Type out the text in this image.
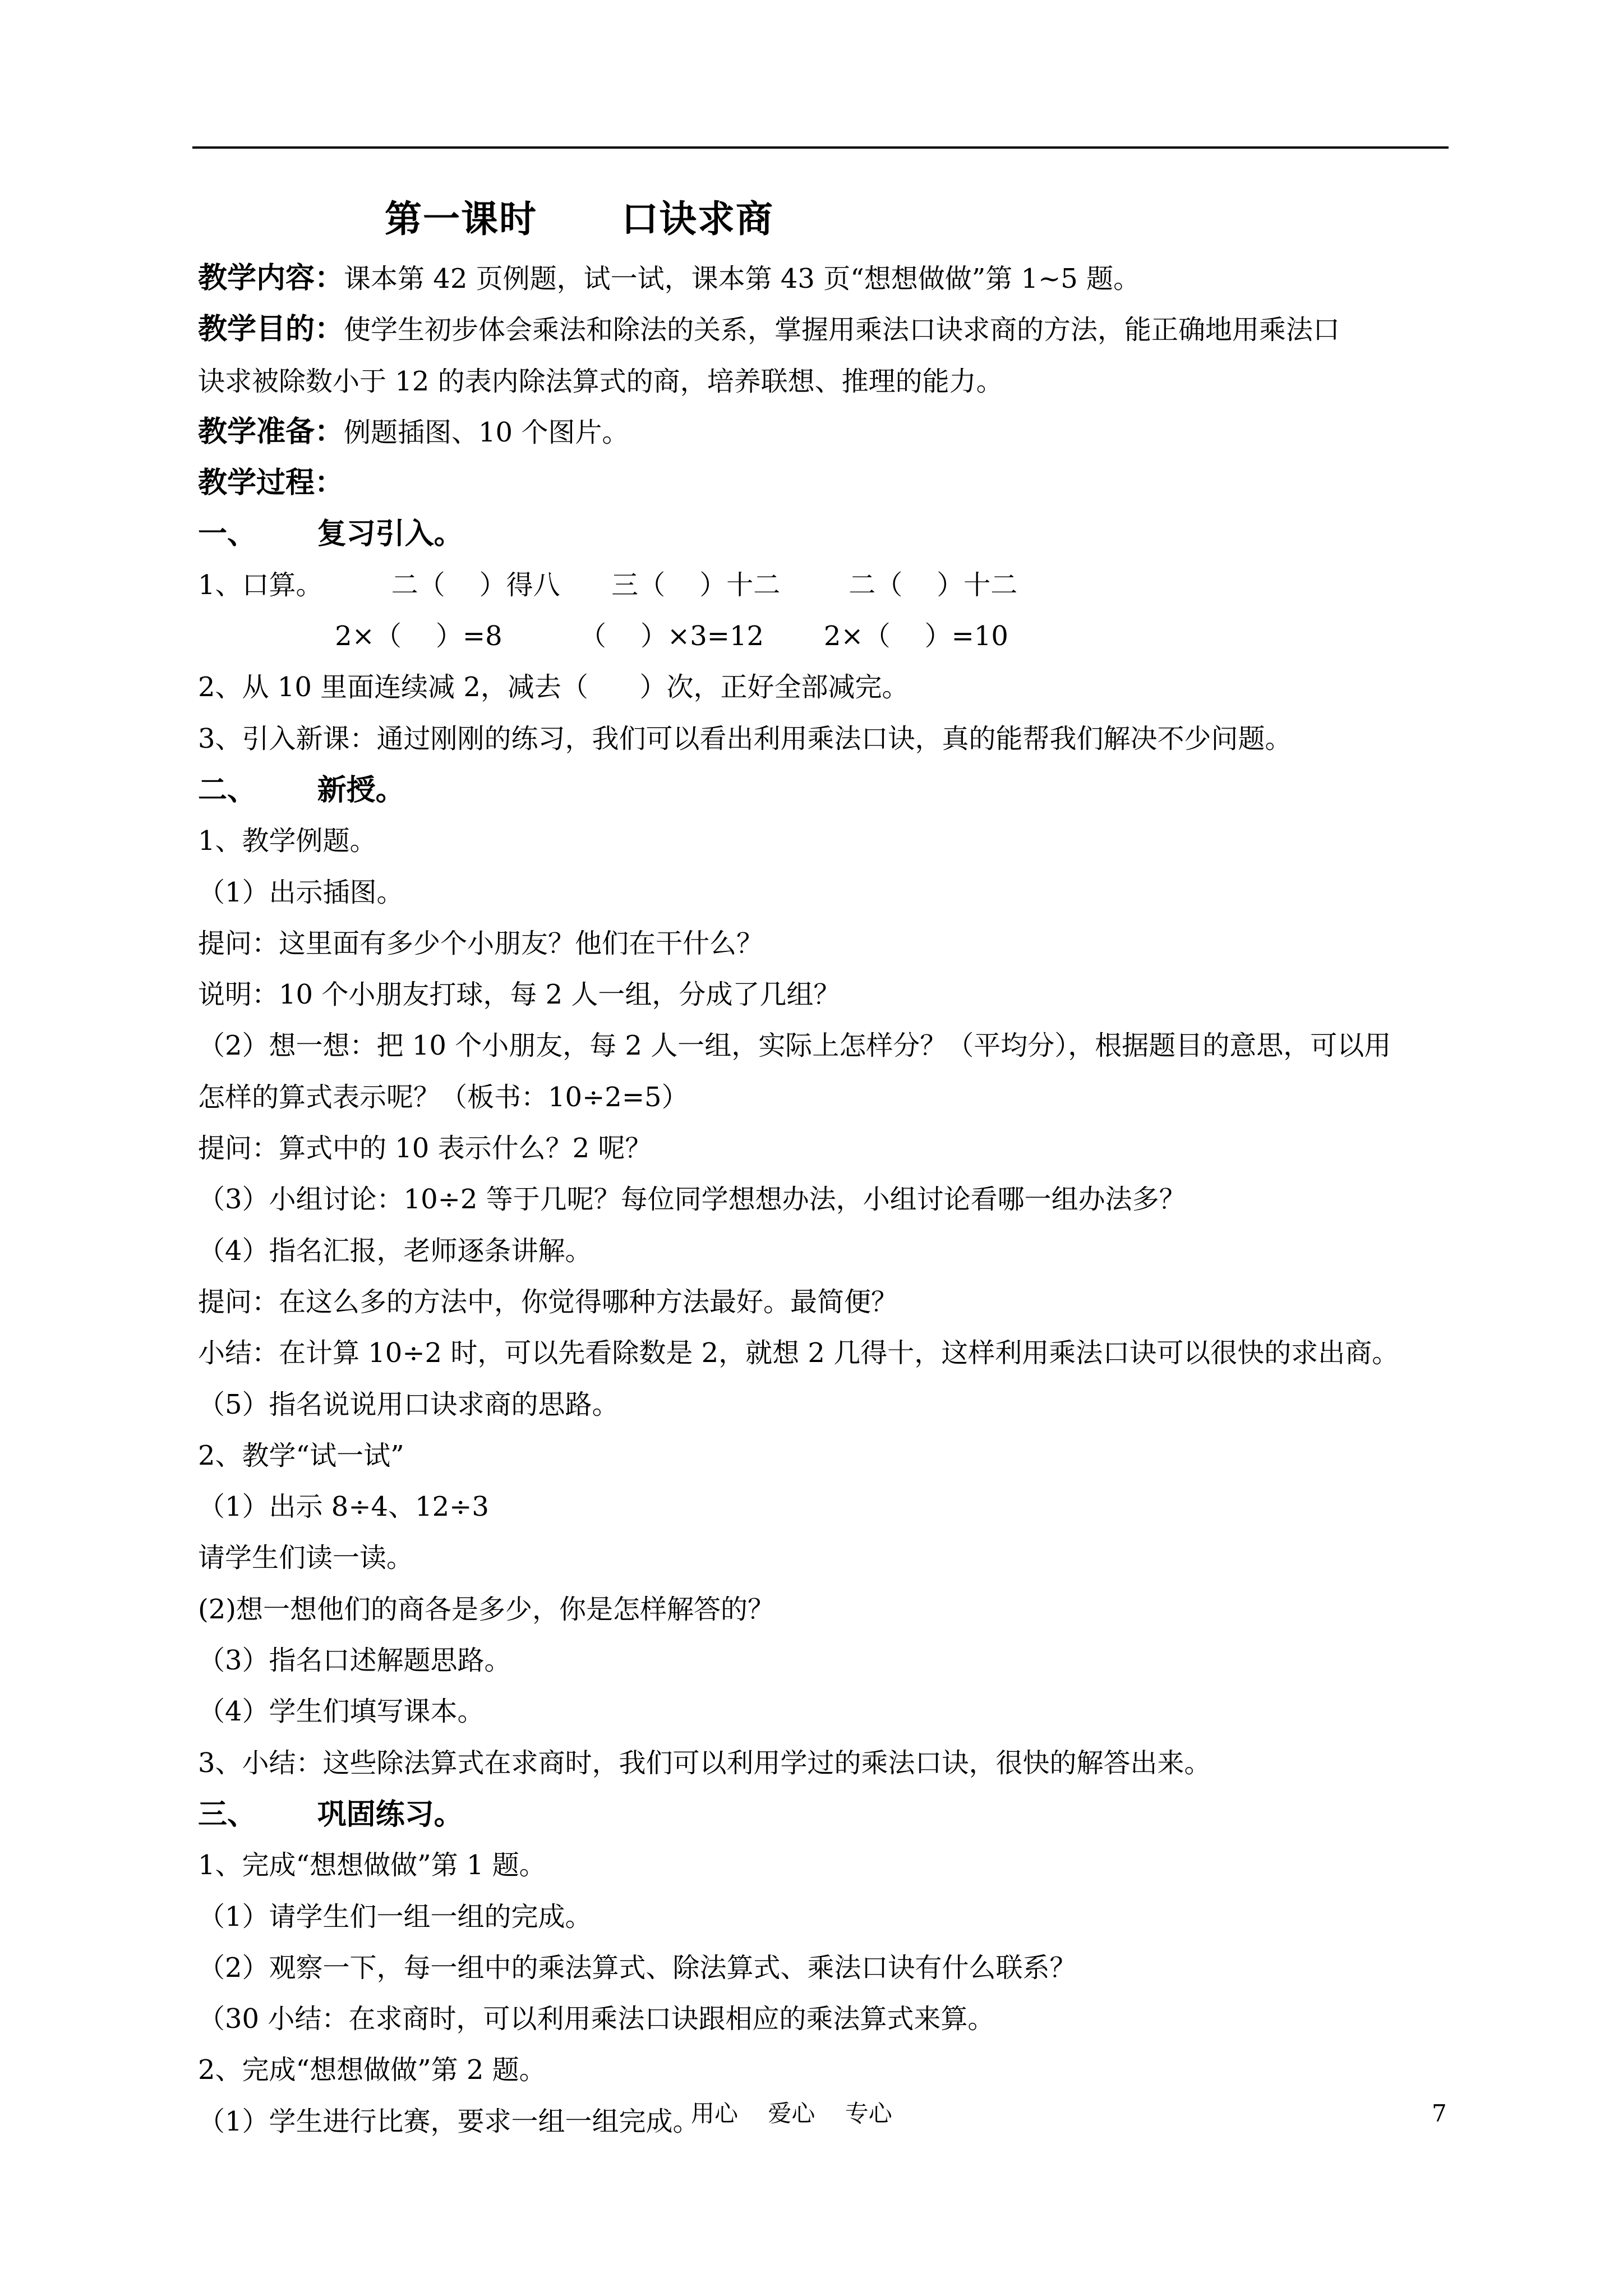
第一课时      口诀求商
教学内容：课本第 42 页例题，试一试，课本第 43 页“想想做做”第 1~5 题。
教学目的：使学生初步体会乘法和除法的关系，掌握用乘法口诀求商的方法，能正确地用乘法口
诀求被除数小于 12 的表内除法算式的商，培养联想、推理的能力。
教学准备：例题插图、10 个图片。
教学过程：
一、      复习引入。
1、口算。        二（    ）得八      三（    ）十二        二（    ）十二
2×（    ）=8         （    ）×3=12       2×（    ）=10
2、从 10 里面连续减 2，减去（      ）次，正好全部减完。
3、引入新课：通过刚刚的练习，我们可以看出利用乘法口诀，真的能帮我们解决不少问题。
二、      新授。
1、教学例题。
（1）出示插图。
提问：这里面有多少个小朋友？他们在干什么？
说明：10 个小朋友打球，每 2 人一组，分成了几组？
（2）想一想：把 10 个小朋友，每 2 人一组，实际上怎样分？（平均分），根据题目的意思，可以用
怎样的算式表示呢？（板书：10÷2=5）
提问：算式中的 10 表示什么？2 呢？
（3）小组讨论：10÷2 等于几呢？每位同学想想办法，小组讨论看哪一组办法多？
（4）指名汇报，老师逐条讲解。
提问：在这么多的方法中，你觉得哪种方法最好。最简便？
小结：在计算 10÷2 时，可以先看除数是 2，就想 2 几得十，这样利用乘法口诀可以很快的求出商。
（5）指名说说用口诀求商的思路。
2、教学“试一试”
（1）出示 8÷4、12÷3
请学生们读一读。
(2)想一想他们的商各是多少，你是怎样解答的？
（3）指名口述解题思路。
（4）学生们填写课本。
3、小结：这些除法算式在求商时，我们可以利用学过的乘法口诀，很快的解答出来。
三、      巩固练习。
1、完成“想想做做”第 1 题。
（1）请学生们一组一组的完成。
（2）观察一下，每一组中的乘法算式、除法算式、乘法口诀有什么联系？
（30 小结：在求商时，可以利用乘法口诀跟相应的乘法算式来算。
2、完成“想想做做”第 2 题。
（1）学生进行比赛，要求一组一组完成。
用心    爱心    专心	7
